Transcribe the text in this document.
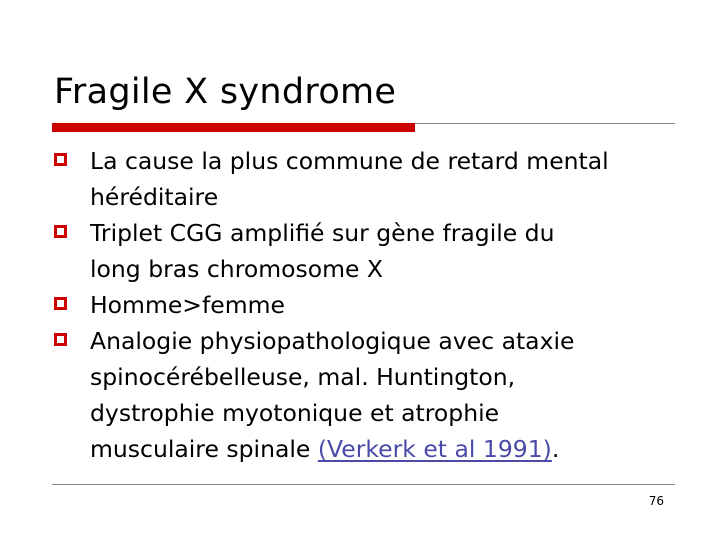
Fragile X syndrome
La cause la plus commune de retard mental
héréditaire
Triplet CGG amplifié sur gène fragile du
long bras chromosome X
Homme>femme
Analogie physiopathologique avec ataxie
spinocérébelleuse, mal. Huntington,
dystrophie myotonique et atrophie
musculaire spinale (Verkerk et al 1991).
76
